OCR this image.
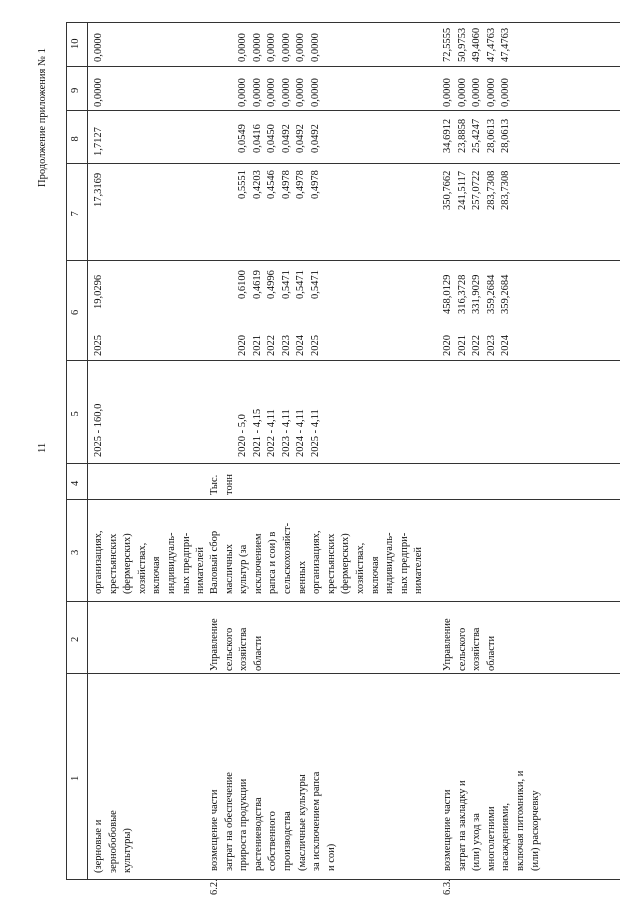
11
Продолжение приложения № 1
1
2
3
4
5
6
7
8
9
10
(зерновые и зернобобовые культуры)
организациях, крестьянских (фермерских) хозяйствах, включая индивидуаль- ных предпри- нимателей
2025 - 160,0
2025
19,0296
17,3169
1,7127
0,0000
0,0000
6.2.
возмещение части затрат на обеспечение прироста продукции растениеводства собственного производства (масличные культуры за исключением рапса и сои)
Управление сельского хозяйства области
Валовый сбор масличных культур (за исключением рапса и сои) в сельскохозяйст- венных организациях, крестьянских (фермерских) хозяйствах, включая индивидуаль- ных предпри- нимателей
Тыс. тонн
2020 - 5,0 2021 - 4,15 2022 - 4,11 2023 - 4,11 2024 - 4,11 2025 - 4,11
2020 2021 2022 2023 2024 2025
0,6100 0,4619 0,4996 0,5471 0,5471 0,5471
0,5551 0,4203 0,4546 0,4978 0,4978 0,4978
0,0549 0,0416 0,0450 0,0492 0,0492 0,0492
0,0000 0,0000 0,0000 0,0000 0,0000 0,0000
0,0000 0,0000 0,0000 0,0000 0,0000 0,0000
6.3.
возмещение части затрат на закладку и (или) уход за многолетними насаждениями, включая питомники, и (или) раскорчевку
Управление сельского хозяйства области
2020 2021 2022 2023 2024
458,0129 316,3728 331,9029 359,2684 359,2684
350,7662 241,5117 257,0722 283,7308 283,7308
34,6912 23,8858 25,4247 28,0613 28,0613
0,0000 0,0000 0,0000 0,0000 0,0000
72,5555 50,9753 49,4060 47,4763 47,4763
